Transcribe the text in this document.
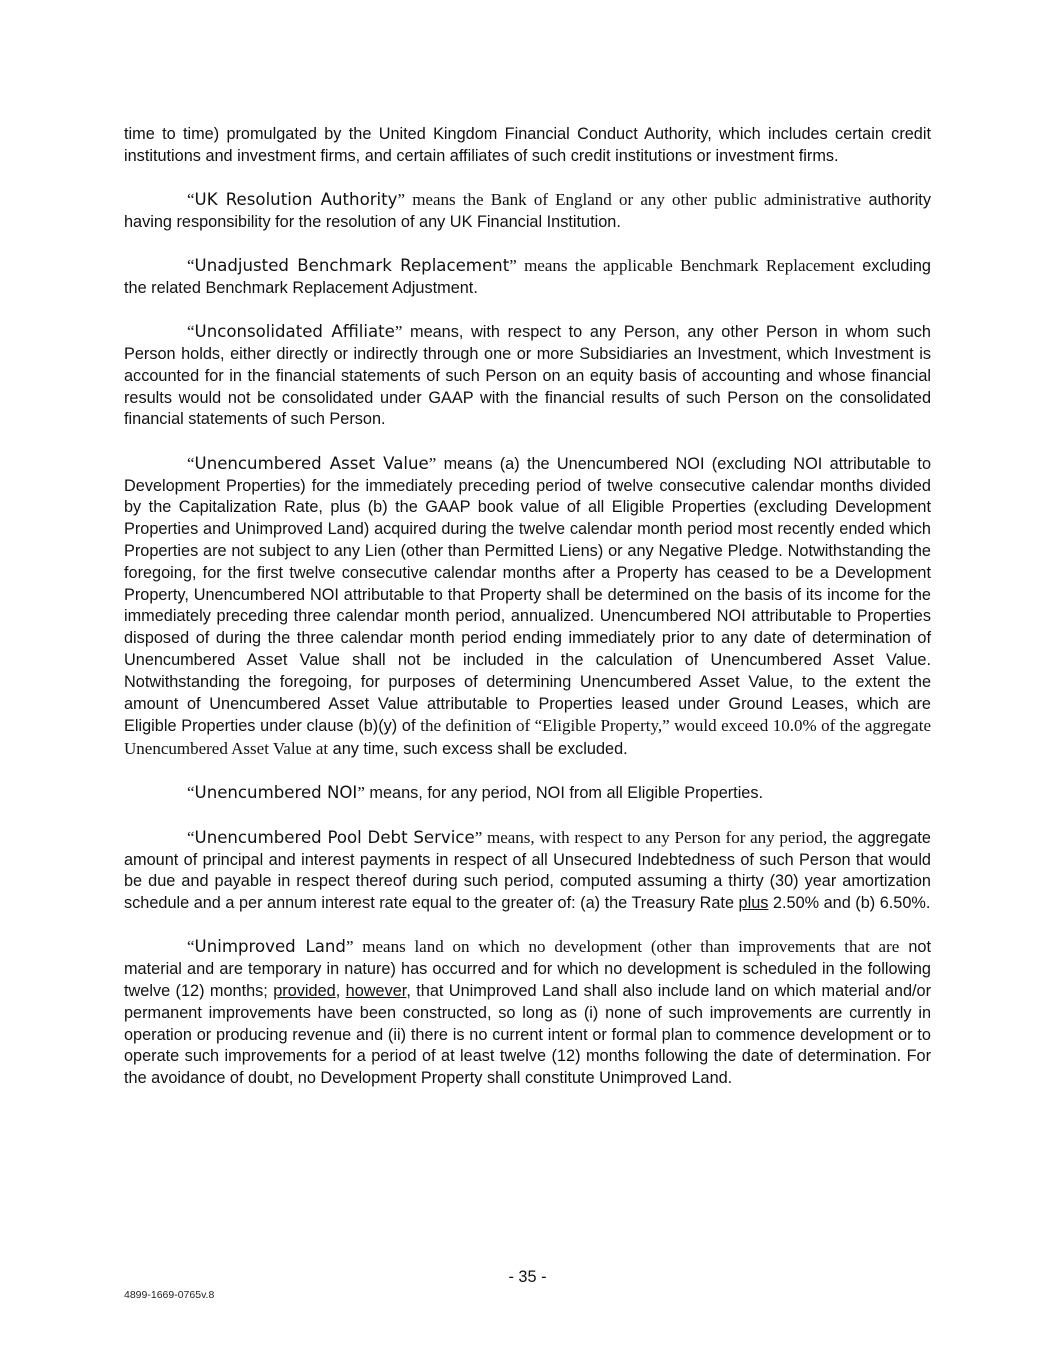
time to time) promulgated by the United Kingdom Financial Conduct Authority, which includes certain credit institutions and investment firms, and certain affiliates of such credit institutions or investment firms.

“UK Resolution Authority” means the Bank of England or any other public administrative authority having responsibility for the resolution of any UK Financial Institution.

“Unadjusted Benchmark Replacement” means the applicable Benchmark Replacement excluding the related Benchmark Replacement Adjustment.

“Unconsolidated Affiliate” means, with respect to any Person, any other Person in whom such Person holds, either directly or indirectly through one or more Subsidiaries an Investment, which Investment is accounted for in the financial statements of such Person on an equity basis of accounting and whose financial results would not be consolidated under GAAP with the financial results of such Person on the consolidated financial statements of such Person.

“Unencumbered Asset Value” means (a) the Unencumbered NOI (excluding NOI attributable to Development Properties) for the immediately preceding period of twelve consecutive calendar months divided by the Capitalization Rate, plus (b) the GAAP book value of all Eligible Properties (excluding Development Properties and Unimproved Land) acquired during the twelve calendar month period most recently ended which Properties are not subject to any Lien (other than Permitted Liens) or any Negative Pledge. Notwithstanding the foregoing, for the first twelve consecutive calendar months after a Property has ceased to be a Development Property, Unencumbered NOI attributable to that Property shall be determined on the basis of its income for the immediately preceding three calendar month period, annualized. Unencumbered NOI attributable to Properties disposed of during the three calendar month period ending immediately prior to any date of determination of Unencumbered Asset Value shall not be included in the calculation of Unencumbered Asset Value. Notwithstanding the foregoing, for purposes of determining Unencumbered Asset Value, to the extent the amount of Unencumbered Asset Value attributable to Properties leased under Ground Leases, which are Eligible Properties under clause (b)(y) of the definition of “Eligible Property,” would exceed 10.0% of the aggregate Unencumbered Asset Value at any time, such excess shall be excluded.

“Unencumbered NOI” means, for any period, NOI from all Eligible Properties.

“Unencumbered Pool Debt Service” means, with respect to any Person for any period, the aggregate amount of principal and interest payments in respect of all Unsecured Indebtedness of such Person that would be due and payable in respect thereof during such period, computed assuming a thirty (30) year amortization schedule and a per annum interest rate equal to the greater of: (a) the Treasury Rate plus 2.50% and (b) 6.50%.

“Unimproved Land” means land on which no development (other than improvements that are not material and are temporary in nature) has occurred and for which no development is scheduled in the following twelve (12) months; provided, however, that Unimproved Land shall also include land on which material and/or permanent improvements have been constructed, so long as (i) none of such improvements are currently in operation or producing revenue and (ii) there is no current intent or formal plan to commence development or to operate such improvements for a period of at least twelve (12) months following the date of determination. For the avoidance of doubt, no Development Property shall constitute Unimproved Land.

- 35 -
4899-1669-0765v.8
